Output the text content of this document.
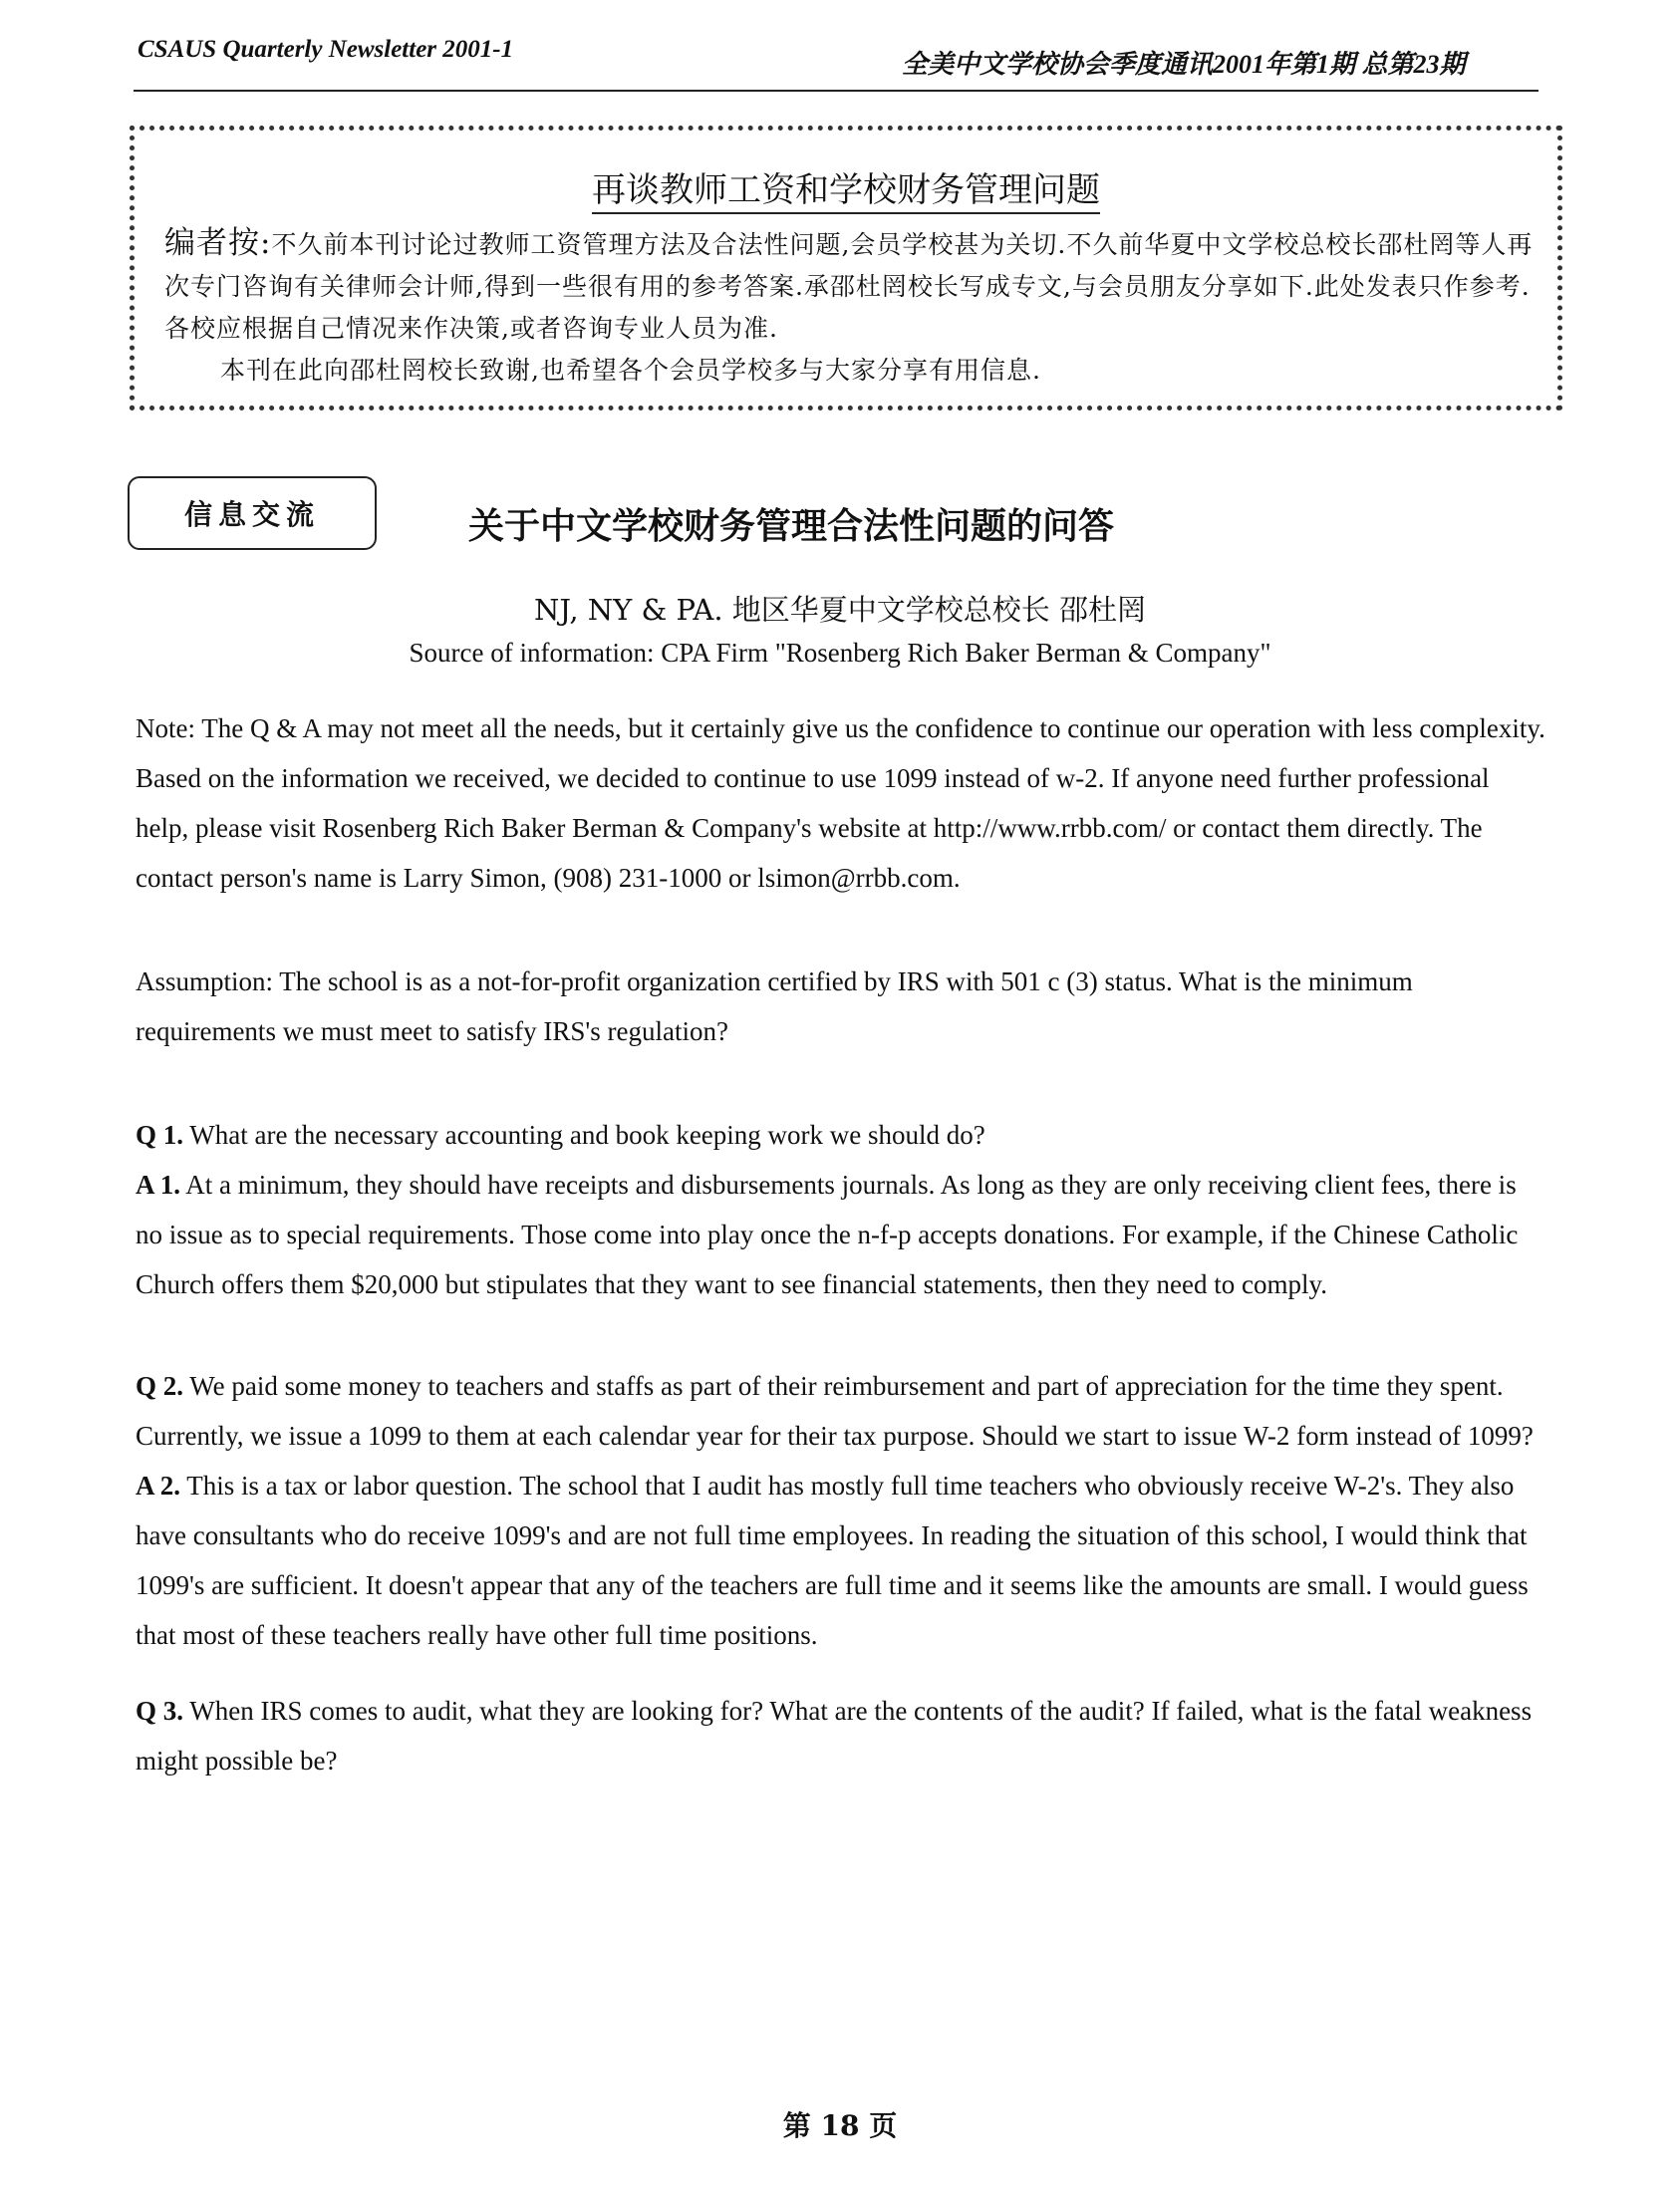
CSAUS Quarterly Newsletter 2001-1
全美中文学校协会季度通讯2001年第1期 总第23期
再谈教师工资和学校财务管理问题

编者按:不久前本刊讨论过教师工资管理方法及合法性问题,会员学校甚为关切.不久前华夏中文学校总校长邵杜罔等人再次专门咨询有关律师会计师,得到一些很有用的参考答案.承邵杜罔校长写成专文,与会员朋友分享如下.此处发表只作参考.各校应根据自己情况来作决策,或者咨询专业人员为准.

本刊在此向邵杜罔校长致谢,也希望各个会员学校多与大家分享有用信息.

信息交流	关于中文学校财务管理合法性问题的问答
NJ, NY & PA. 地区华夏中文学校总校长 邵杜罔
Source of information: CPA Firm "Rosenberg Rich Baker Berman & Company"

Note: The Q & A may not meet all the needs, but it certainly give us the confidence to continue our operation with less complexity. Based on the information we received, we decided to continue to use 1099 instead of w-2. If anyone need further professional help, please visit Rosenberg Rich Baker Berman & Company's website at http://www.rrbb.com/ or contact them directly. The contact person's name is Larry Simon, (908) 231-1000 or lsimon@rrbb.com.

Assumption: The school is as a not-for-profit organization certified by IRS with 501 c (3) status. What is the minimum requirements we must meet to satisfy IRS's regulation?

Q 1. What are the necessary accounting and book keeping work we should do?

A 1. At a minimum, they should have receipts and disbursements journals. As long as they are only receiving client fees, there is no issue as to special requirements. Those come into play once the n-f-p accepts donations. For example, if the Chinese Catholic Church offers them $20,000 but stipulates that they want to see financial statements, then they need to comply.

Q 2. We paid some money to teachers and staffs as part of their reimbursement and part of appreciation for the time they spent. Currently, we issue a 1099 to them at each calendar year for their tax purpose. Should we start to issue W-2 form instead of 1099?

A 2. This is a tax or labor question. The school that I audit has mostly full time teachers who obviously receive W-2's. They also have consultants who do receive 1099's and are not full time employees. In reading the situation of this school, I would think that 1099's are sufficient. It doesn't appear that any of the teachers are full time and it seems like the amounts are small. I would guess that most of these teachers really have other full time positions.

Q 3. When IRS comes to audit, what they are looking for? What are the contents of the audit? If failed, what is the fatal weakness might possible be?

第 18 页
